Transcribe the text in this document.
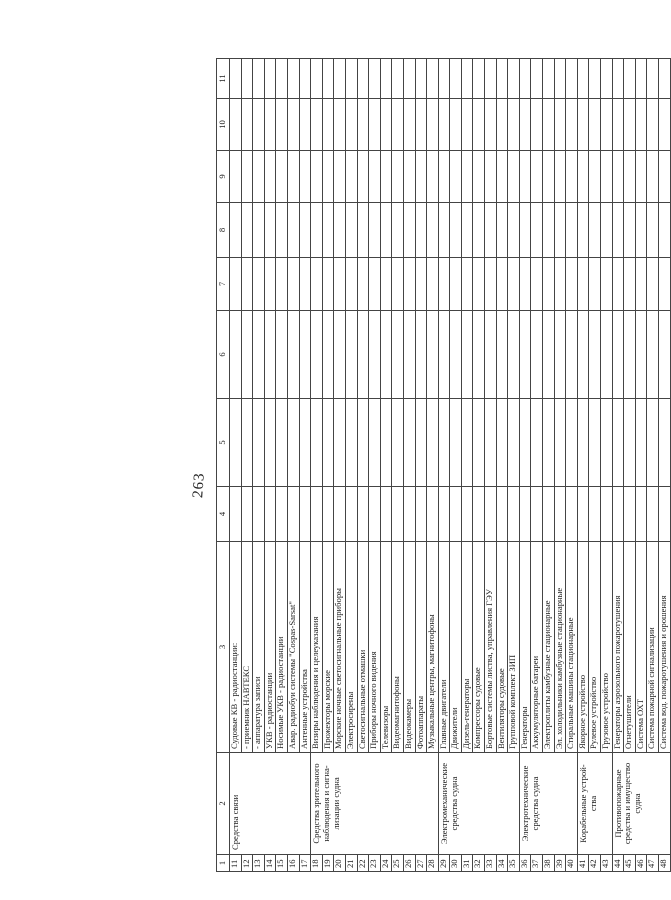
263
1	2	3	4	5	6	7	8	9	10	11
11	Средства связи	Судовые КВ - радиостанции:								
12		- приемник НАВТЕКС								
13		- аппаратура записи								
14		УКВ - радиостанции								
15		Носимые УКВ - радиостанции								
16		Авар. радиобуи системы "Cospas-Sarsat"								
17		Антенные устройства								
18	Средства зрительного наблюдения и сигна-лизации судна	Визиры наблюдения и целеуказания								
19		Прожекторы морские								
20		Морские ночные светосигнальные приборы								
21		Электросирены								
22		Светосигнальные отмашки								
23		Приборы ночного видения								
24		Телевизоры								
25		Видеомагнитофоны								
26		Видеокамеры								
27		Фотоаппараты								
28		Музыкальные центры, магнитофоны								
29	Электромеханические средства судна	Главные двигатели								
30		Движители								
31		Дизель-генераторы								
32		Компрессоры судовые								
33		Бортовые системы листва, управления ГЭУ								
34		Вентиляторы судовые								
35		Групповой комплект ЗИП								
36	Электротехнические средства судна	Генераторы								
37		Аккумуляторные батареи								
38		Электроплиты камбузные стационарные								
39		Эл. холодильники камбузные стационарные								
40		Стиральные машины стационарные								
41	Корабельные устрой-ства	Якорное устройство								
42		Рулевое устройство								
43		Грузовое устройство								
44	Противопожарные средства и имущество судна	Генераторы аэрозольного пожаротушения								
45		Огнетушители								
46		Система ОХТ								
47		Система пожарной сигнализации								
48		Система вод. пожаротушения и орошения								
